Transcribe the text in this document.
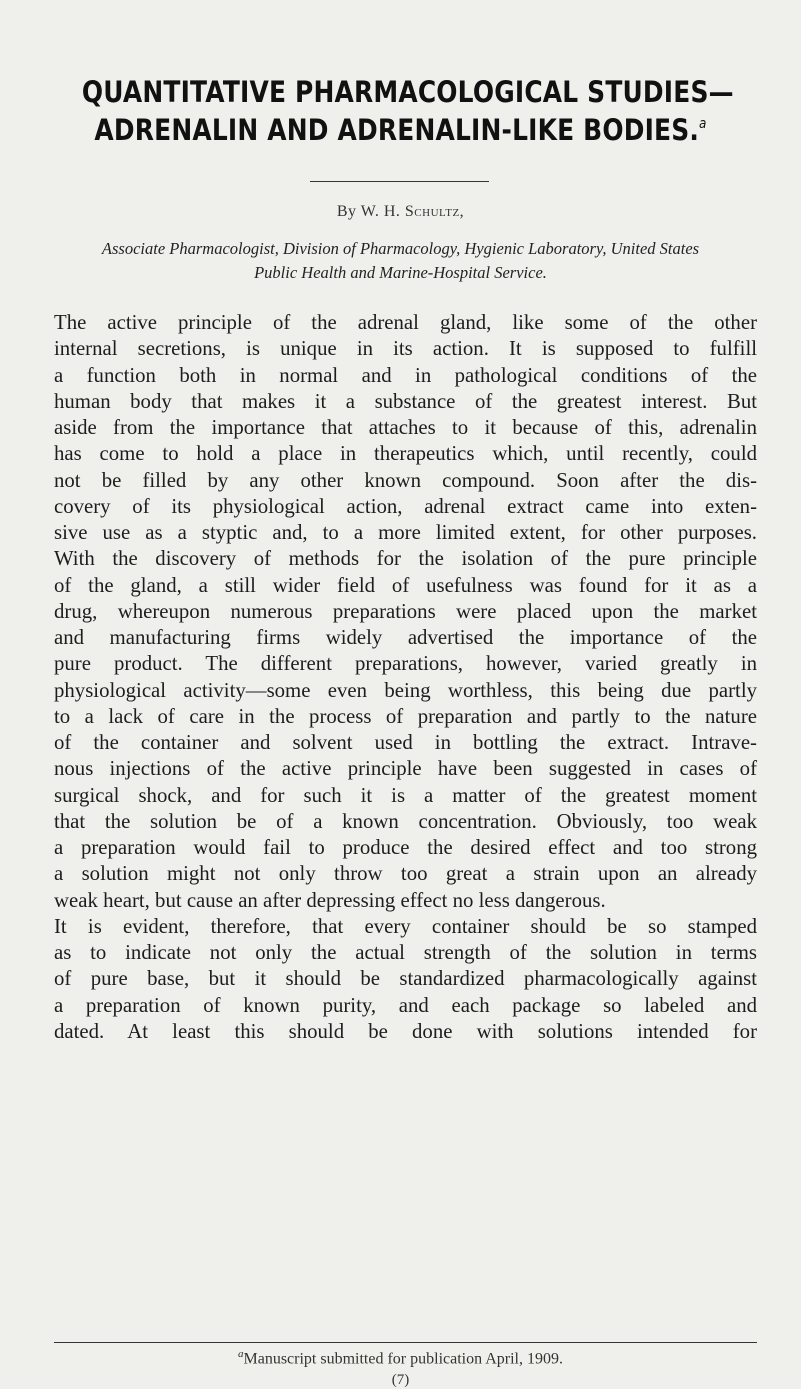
QUANTITATIVE PHARMACOLOGICAL STUDIES—
ADRENALIN AND ADRENALIN-LIKE BODIES.$^a$
By W. H. Schultz,
Associate Pharmacologist, Division of Pharmacology, Hygienic Laboratory, United States
Public Health and Marine-Hospital Service.
The active principle of the adrenal gland, like some of the other
internal secretions, is unique in its action. It is supposed to fulfill
a function both in normal and in pathological conditions of the
human body that makes it a substance of the greatest interest. But
aside from the importance that attaches to it because of this, adrenalin
has come to hold a place in therapeutics which, until recently, could
not be filled by any other known compound. Soon after the dis-
covery of its physiological action, adrenal extract came into exten-
sive use as a styptic and, to a more limited extent, for other purposes.
With the discovery of methods for the isolation of the pure principle
of the gland, a still wider field of usefulness was found for it as a
drug, whereupon numerous preparations were placed upon the market
and manufacturing firms widely advertised the importance of the
pure product. The different preparations, however, varied greatly in
physiological activity—some even being worthless, this being due partly
to a lack of care in the process of preparation and partly to the nature
of the container and solvent used in bottling the extract. Intrave-
nous injections of the active principle have been suggested in cases of
surgical shock, and for such it is a matter of the greatest moment
that the solution be of a known concentration. Obviously, too weak
a preparation would fail to produce the desired effect and too strong
a solution might not only throw too great a strain upon an already
weak heart, but cause an after depressing effect no less dangerous.
It is evident, therefore, that every container should be so stamped
as to indicate not only the actual strength of the solution in terms
of pure base, but it should be standardized pharmacologically against
a preparation of known purity, and each package so labeled and
dated. At least this should be done with solutions intended for
$^a$Manuscript submitted for publication April, 1909.
(7)
